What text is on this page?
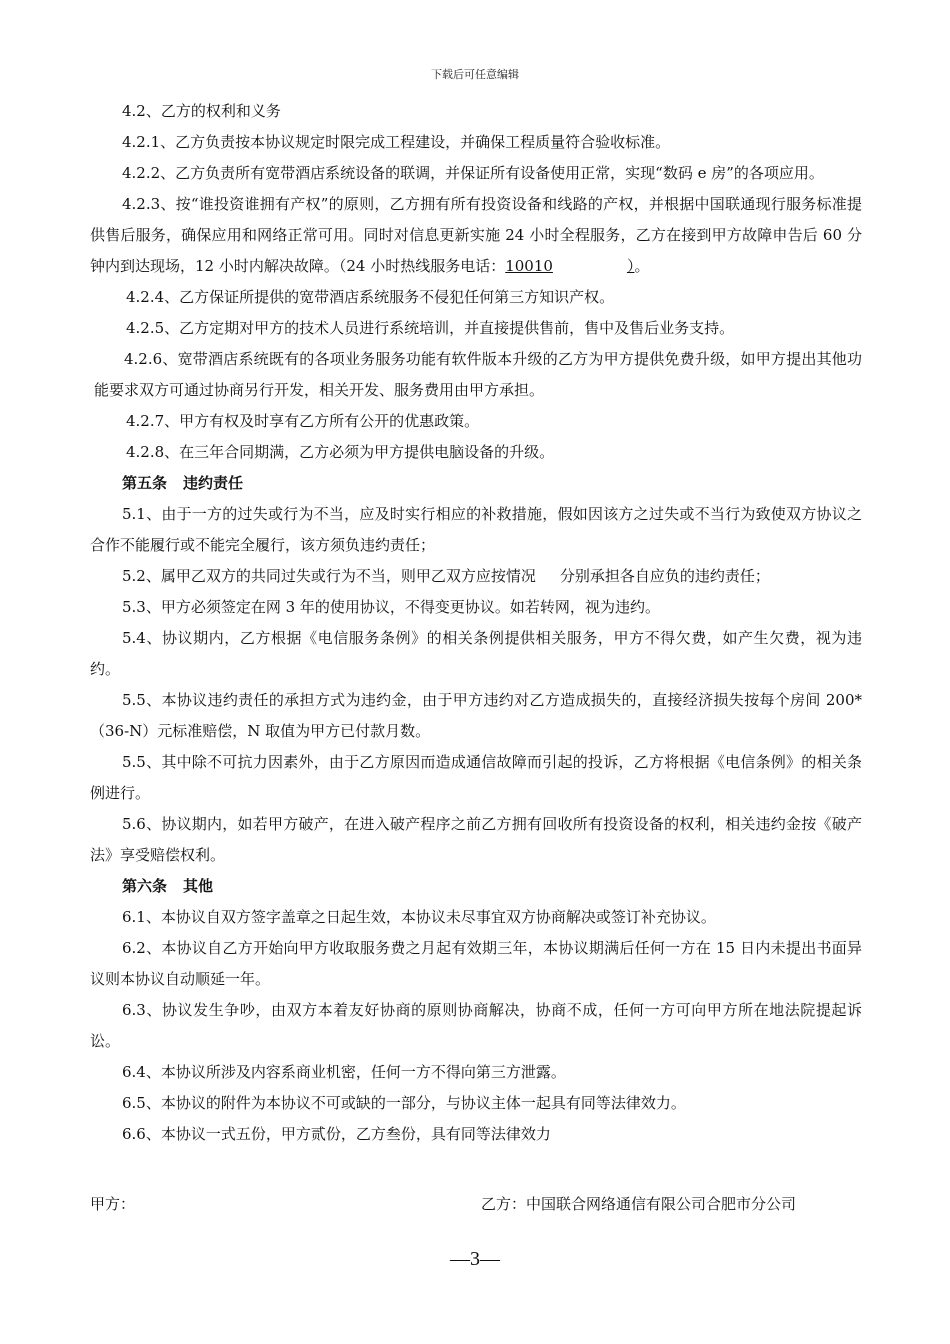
下载后可任意编辑

4.2、乙方的权利和义务

4.2.1、乙方负责按本协议规定时限完成工程建设，并确保工程质量符合验收标准。

4.2.2、乙方负责所有宽带酒店系统设备的联调，并保证所有设备使用正常，实现“数码 e 房”的各项应用。

4.2.3、按“谁投资谁拥有产权”的原则，乙方拥有所有投资设备和线路的产权，并根据中国联通现行服务标准提供售后服务，确保应用和网络正常可用。同时对信息更新实施 24 小时全程服务，乙方在接到甲方故障申告后 60 分钟内到达现场，12 小时内解决故障。（24 小时热线服务电话：10010	）。

4.2.4、乙方保证所提供的宽带酒店系统服务不侵犯任何第三方知识产权。

4.2.5、乙方定期对甲方的技术人员进行系统培训，并直接提供售前，售中及售后业务支持。

4.2.6、宽带酒店系统既有的各项业务服务功能有软件版本升级的乙方为甲方提供免费升级，如甲方提出其他功能要求双方可通过协商另行开发，相关开发、服务费用由甲方承担。

4.2.7、甲方有权及时享有乙方所有公开的优惠政策。

4.2.8、在三年合同期满，乙方必须为甲方提供电脑设备的升级。

第五条 违约责任

5.1、由于一方的过失或行为不当，应及时实行相应的补救措施，假如因该方之过失或不当行为致使双方协议之合作不能履行或不能完全履行，该方须负违约责任；

5.2、属甲乙双方的共同过失或行为不当，则甲乙双方应按情况 分别承担各自应负的违约责任；

5.3、甲方必须签定在网 3 年的使用协议，不得变更协议。如若转网，视为违约。

5.4、协议期内，乙方根据《电信服务条例》的相关条例提供相关服务，甲方不得欠费，如产生欠费，视为违约。

5.5、本协议违约责任的承担方式为违约金，由于甲方违约对乙方造成损失的，直接经济损失按每个房间 200*（36-N）元标准赔偿，N 取值为甲方已付款月数。

5.5、其中除不可抗力因素外，由于乙方原因而造成通信故障而引起的投诉，乙方将根据《电信条例》的相关条例进行。

5.6、协议期内，如若甲方破产，在进入破产程序之前乙方拥有回收所有投资设备的权利，相关违约金按《破产法》享受赔偿权利。

第六条 其他

6.1、本协议自双方签字盖章之日起生效，本协议未尽事宜双方协商解决或签订补充协议。

6.2、本协议自乙方开始向甲方收取服务费之月起有效期三年，本协议期满后任何一方在 15 日内未提出书面异议则本协议自动顺延一年。

6.3、协议发生争吵，由双方本着友好协商的原则协商解决，协商不成，任何一方可向甲方所在地法院提起诉讼。

6.4、本协议所涉及内容系商业机密，任何一方不得向第三方泄露。

6.5、本协议的附件为本协议不可或缺的一部分，与协议主体一起具有同等法律效力。

6.6、本协议一式五份，甲方贰份，乙方叁份，具有同等法律效力

甲方：	乙方：中国联合网络通信有限公司合肥市分公司
—3—
